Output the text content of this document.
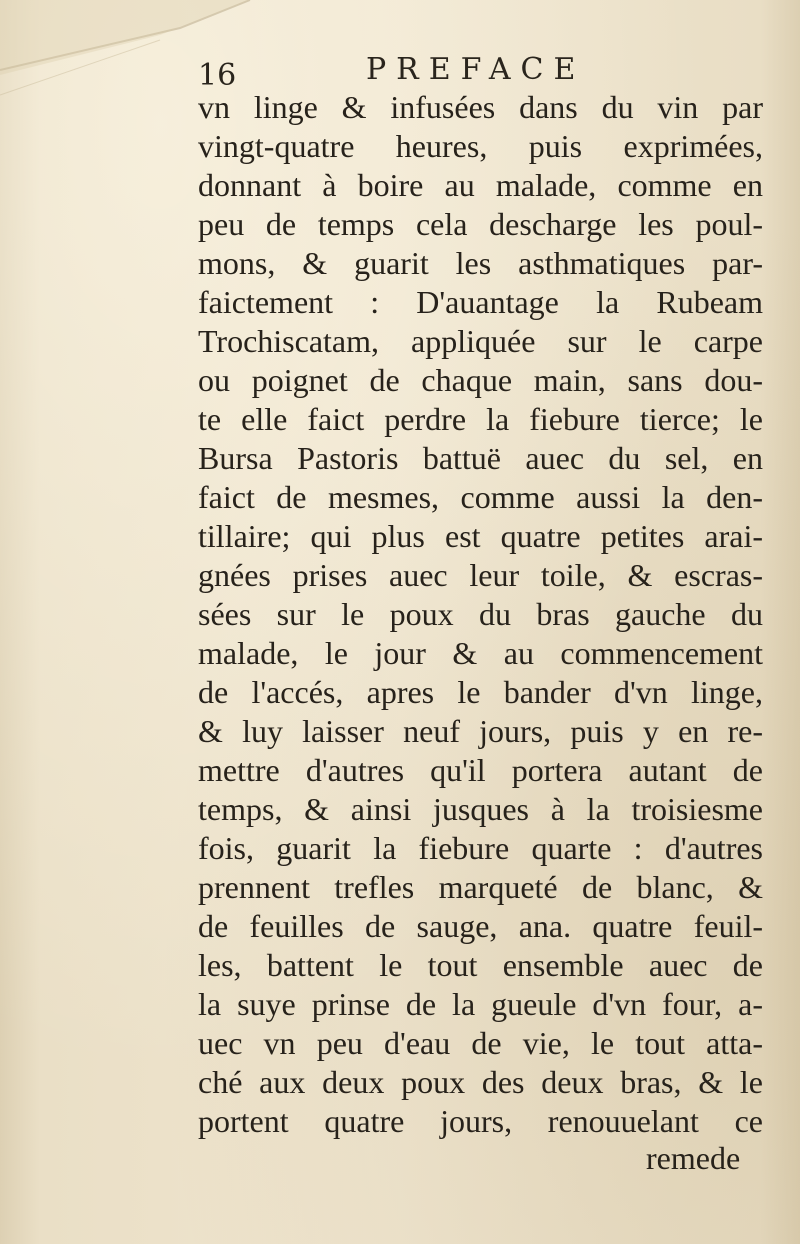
16	PREFACE
vn linge & infusées dans du vin par
vingt-quatre heures, puis exprimées,
donnant à boire au malade, comme en
peu de temps cela descharge les poul-
mons, & guarit les asthmatiques par-
faictement : D'auantage la Rubeam
Trochiscatam, appliquée sur le carpe
ou poignet de chaque main, sans dou-
te elle faict perdre la fiebure tierce; le
Bursa Pastoris battuë auec du sel, en
faict de mesmes, comme aussi la den-
tillaire; qui plus est quatre petites arai-
gnées prises auec leur toile, & escras-
sées sur le poux du bras gauche du
malade, le jour & au commencement
de l'accés, apres le bander d'vn linge,
& luy laisser neuf jours, puis y en re-
mettre d'autres qu'il portera autant de
temps, & ainsi jusques à la troisiesme
fois, guarit la fiebure quarte : d'autres
prennent trefles marqueté de blanc, &
de feuilles de sauge, ana. quatre feuil-
les, battent le tout ensemble auec de
la suye prinse de la gueule d'vn four, a-
uec vn peu d'eau de vie, le tout atta-
ché aux deux poux des deux bras, & le
portent quatre jours, renouuelant ce
remede
